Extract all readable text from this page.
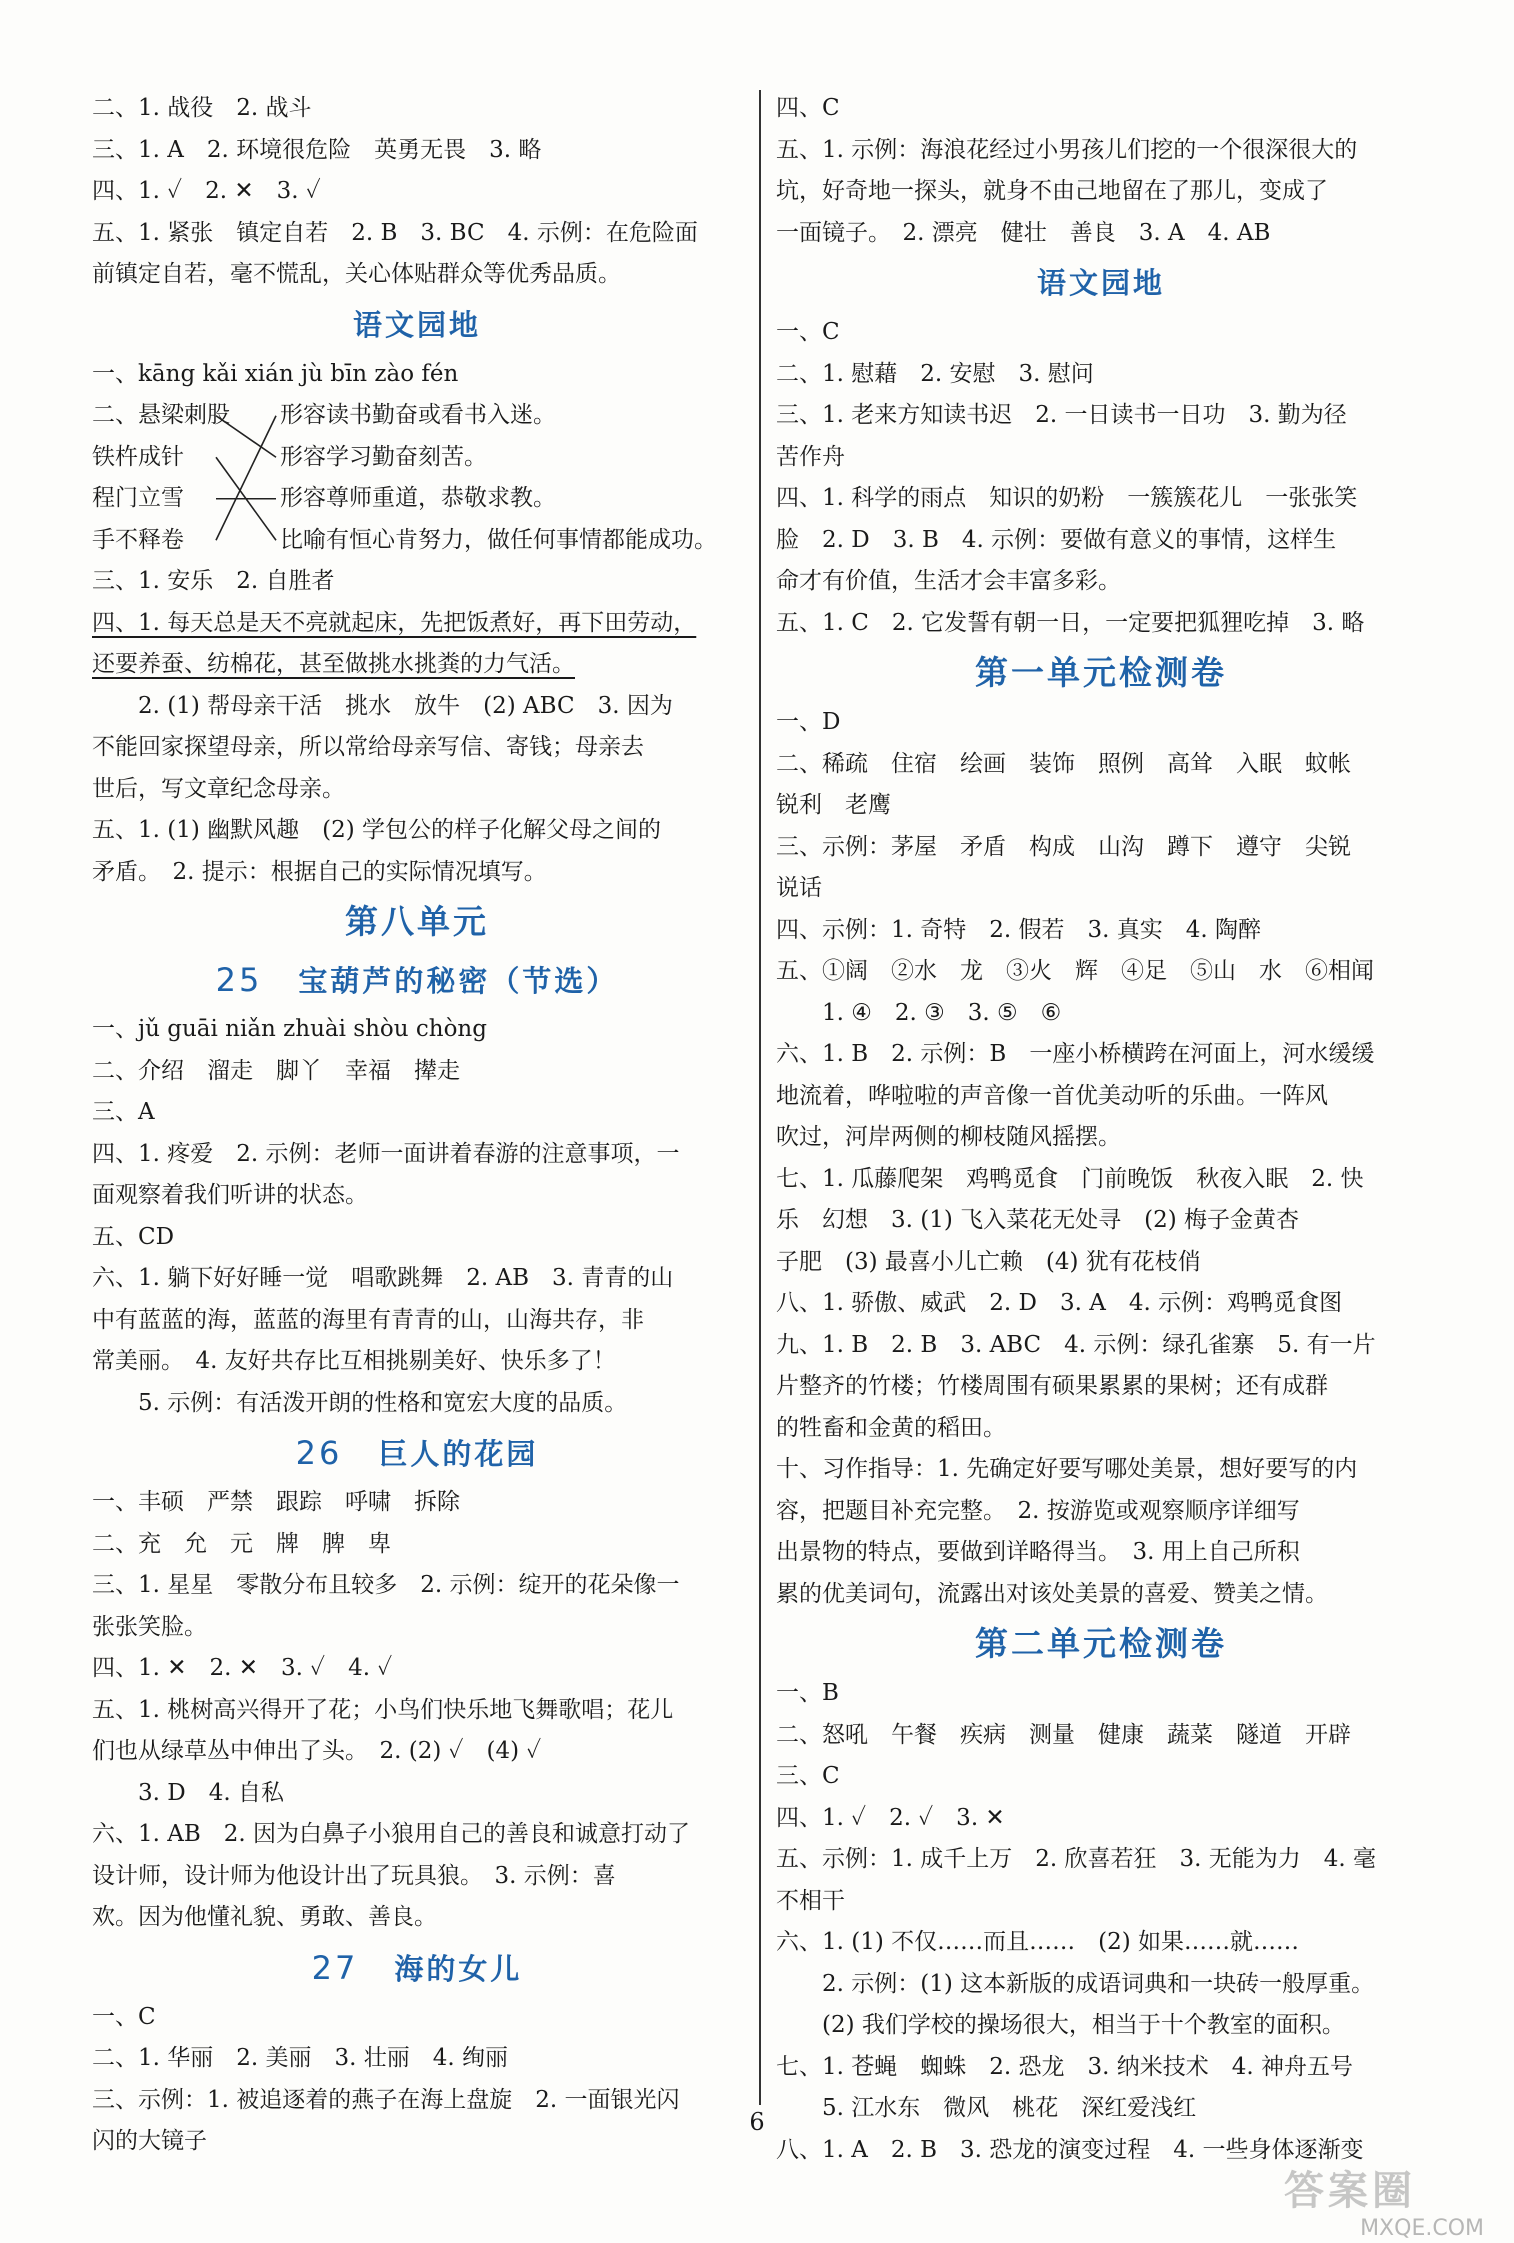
二、1. 战役　2. 战斗
三、1. A　2. 环境很危险　英勇无畏　3. 略
四、1. ✓　2. ✕　3. ✓
五、1. 紧张　镇定自若　2. B　3. BC　4. 示例：在危险面
前镇定自若，毫不慌乱，关心体贴群众等优秀品质。
语文园地
一、kāng kǎi xián jù bīn zào fén
二、悬梁刺股
铁杵成针
程门立雪
手不释卷
形容读书勤奋或看书入迷。
形容学习勤奋刻苦。
形容尊师重道，恭敬求教。
比喻有恒心肯努力，做任何事情都能成功。
三、1. 安乐　2. 自胜者
四、1. 每天总是天不亮就起床，先把饭煮好，再下田劳动，
还要养蚕、纺棉花，甚至做挑水挑粪的力气活。
2. (1) 帮母亲干活　挑水　放牛　(2) ABC　3. 因为
不能回家探望母亲，所以常给母亲写信、寄钱；母亲去
世后，写文章纪念母亲。
五、1. (1) 幽默风趣　(2) 学包公的样子化解父母之间的
矛盾。　2. 提示：根据自己的实际情况填写。
第八单元
25 宝葫芦的秘密（节选）
一、jǔ guāi niǎn zhuài shòu chòng
二、介绍　溜走　脚丫　幸福　撵走
三、A
四、1. 疼爱　2. 示例：老师一面讲着春游的注意事项，一
面观察着我们听讲的状态。
五、CD
六、1. 躺下好好睡一觉　唱歌跳舞　2. AB　3. 青青的山
中有蓝蓝的海，蓝蓝的海里有青青的山，山海共存，非
常美丽。　4. 友好共存比互相挑剔美好、快乐多了！
5. 示例：有活泼开朗的性格和宽宏大度的品质。
26 巨人的花园
一、丰硕　严禁　跟踪　呼啸　拆除
二、充　允　元　牌　脾　卑
三、1. 星星　零散分布且较多　2. 示例：绽开的花朵像一
张张笑脸。
四、1. ✕　2. ✕　3. ✓　4. ✓
五、1. 桃树高兴得开了花；小鸟们快乐地飞舞歌唱；花儿
们也从绿草丛中伸出了头。　2. (2) ✓　(4) ✓
3. D　4. 自私
六、1. AB　2. 因为白鼻子小狼用自己的善良和诚意打动了
设计师，设计师为他设计出了玩具狼。　3. 示例：喜
欢。因为他懂礼貌、勇敢、善良。
27 海的女儿
一、C
二、1. 华丽　2. 美丽　3. 壮丽　4. 绚丽
三、示例：1. 被追逐着的燕子在海上盘旋　2. 一面银光闪
闪的大镜子
四、C
五、1. 示例：海浪花经过小男孩儿们挖的一个很深很大的
坑，好奇地一探头，就身不由己地留在了那儿，变成了
一面镜子。　2. 漂亮　健壮　善良　3. A　4. AB
语文园地
一、C
二、1. 慰藉　2. 安慰　3. 慰问
三、1. 老来方知读书迟　2. 一日读书一日功　3. 勤为径
苦作舟
四、1. 科学的雨点　知识的奶粉　一簇簇花儿　一张张笑
脸　2. D　3. B　4. 示例：要做有意义的事情，这样生
命才有价值，生活才会丰富多彩。
五、1. C　2. 它发誓有朝一日，一定要把狐狸吃掉　3. 略
第一单元检测卷
一、D
二、稀疏　住宿　绘画　装饰　照例　高耸　入眠　蚊帐
锐利　老鹰
三、示例：茅屋　矛盾　构成　山沟　蹲下　遵守　尖锐
说话
四、示例：1. 奇特　2. 假若　3. 真实　4. 陶醉
五、①阔　②水　龙　③火　辉　④足　⑤山　水　⑥相闻
1. ④　2. ③　3. ⑤　⑥
六、1. B　2. 示例：B　一座小桥横跨在河面上，河水缓缓
地流着，哗啦啦的声音像一首优美动听的乐曲。一阵风
吹过，河岸两侧的柳枝随风摇摆。
七、1. 瓜藤爬架　鸡鸭觅食　门前晚饭　秋夜入眠　2. 快
乐　幻想　3. (1) 飞入菜花无处寻　(2) 梅子金黄杏
子肥　(3) 最喜小儿亡赖　(4) 犹有花枝俏
八、1. 骄傲、威武　2. D　3. A　4. 示例：鸡鸭觅食图
九、1. B　2. B　3. ABC　4. 示例：绿孔雀寨　5. 有一片
片整齐的竹楼；竹楼周围有硕果累累的果树；还有成群
的牲畜和金黄的稻田。
十、习作指导：1. 先确定好要写哪处美景，想好要写的内
容，把题目补充完整。　2. 按游览或观察顺序详细写
出景物的特点，要做到详略得当。　3. 用上自己所积
累的优美词句，流露出对该处美景的喜爱、赞美之情。
第二单元检测卷
一、B
二、怒吼　午餐　疾病　测量　健康　蔬菜　隧道　开辟
三、C
四、1. ✓　2. ✓　3. ✕
五、示例：1. 成千上万　2. 欣喜若狂　3. 无能为力　4. 毫
不相干
六、1. (1) 不仅……而且……　(2) 如果……就……
2. 示例：(1) 这本新版的成语词典和一块砖一般厚重。
(2) 我们学校的操场很大，相当于十个教室的面积。
七、1. 苍蝇　蜘蛛　2. 恐龙　3. 纳米技术　4. 神舟五号
5. 江水东　微风　桃花　深红爱浅红
八、1. A　2. B　3. 恐龙的演变过程　4. 一些身体逐渐变
6
答案圈
MXQE.COM
